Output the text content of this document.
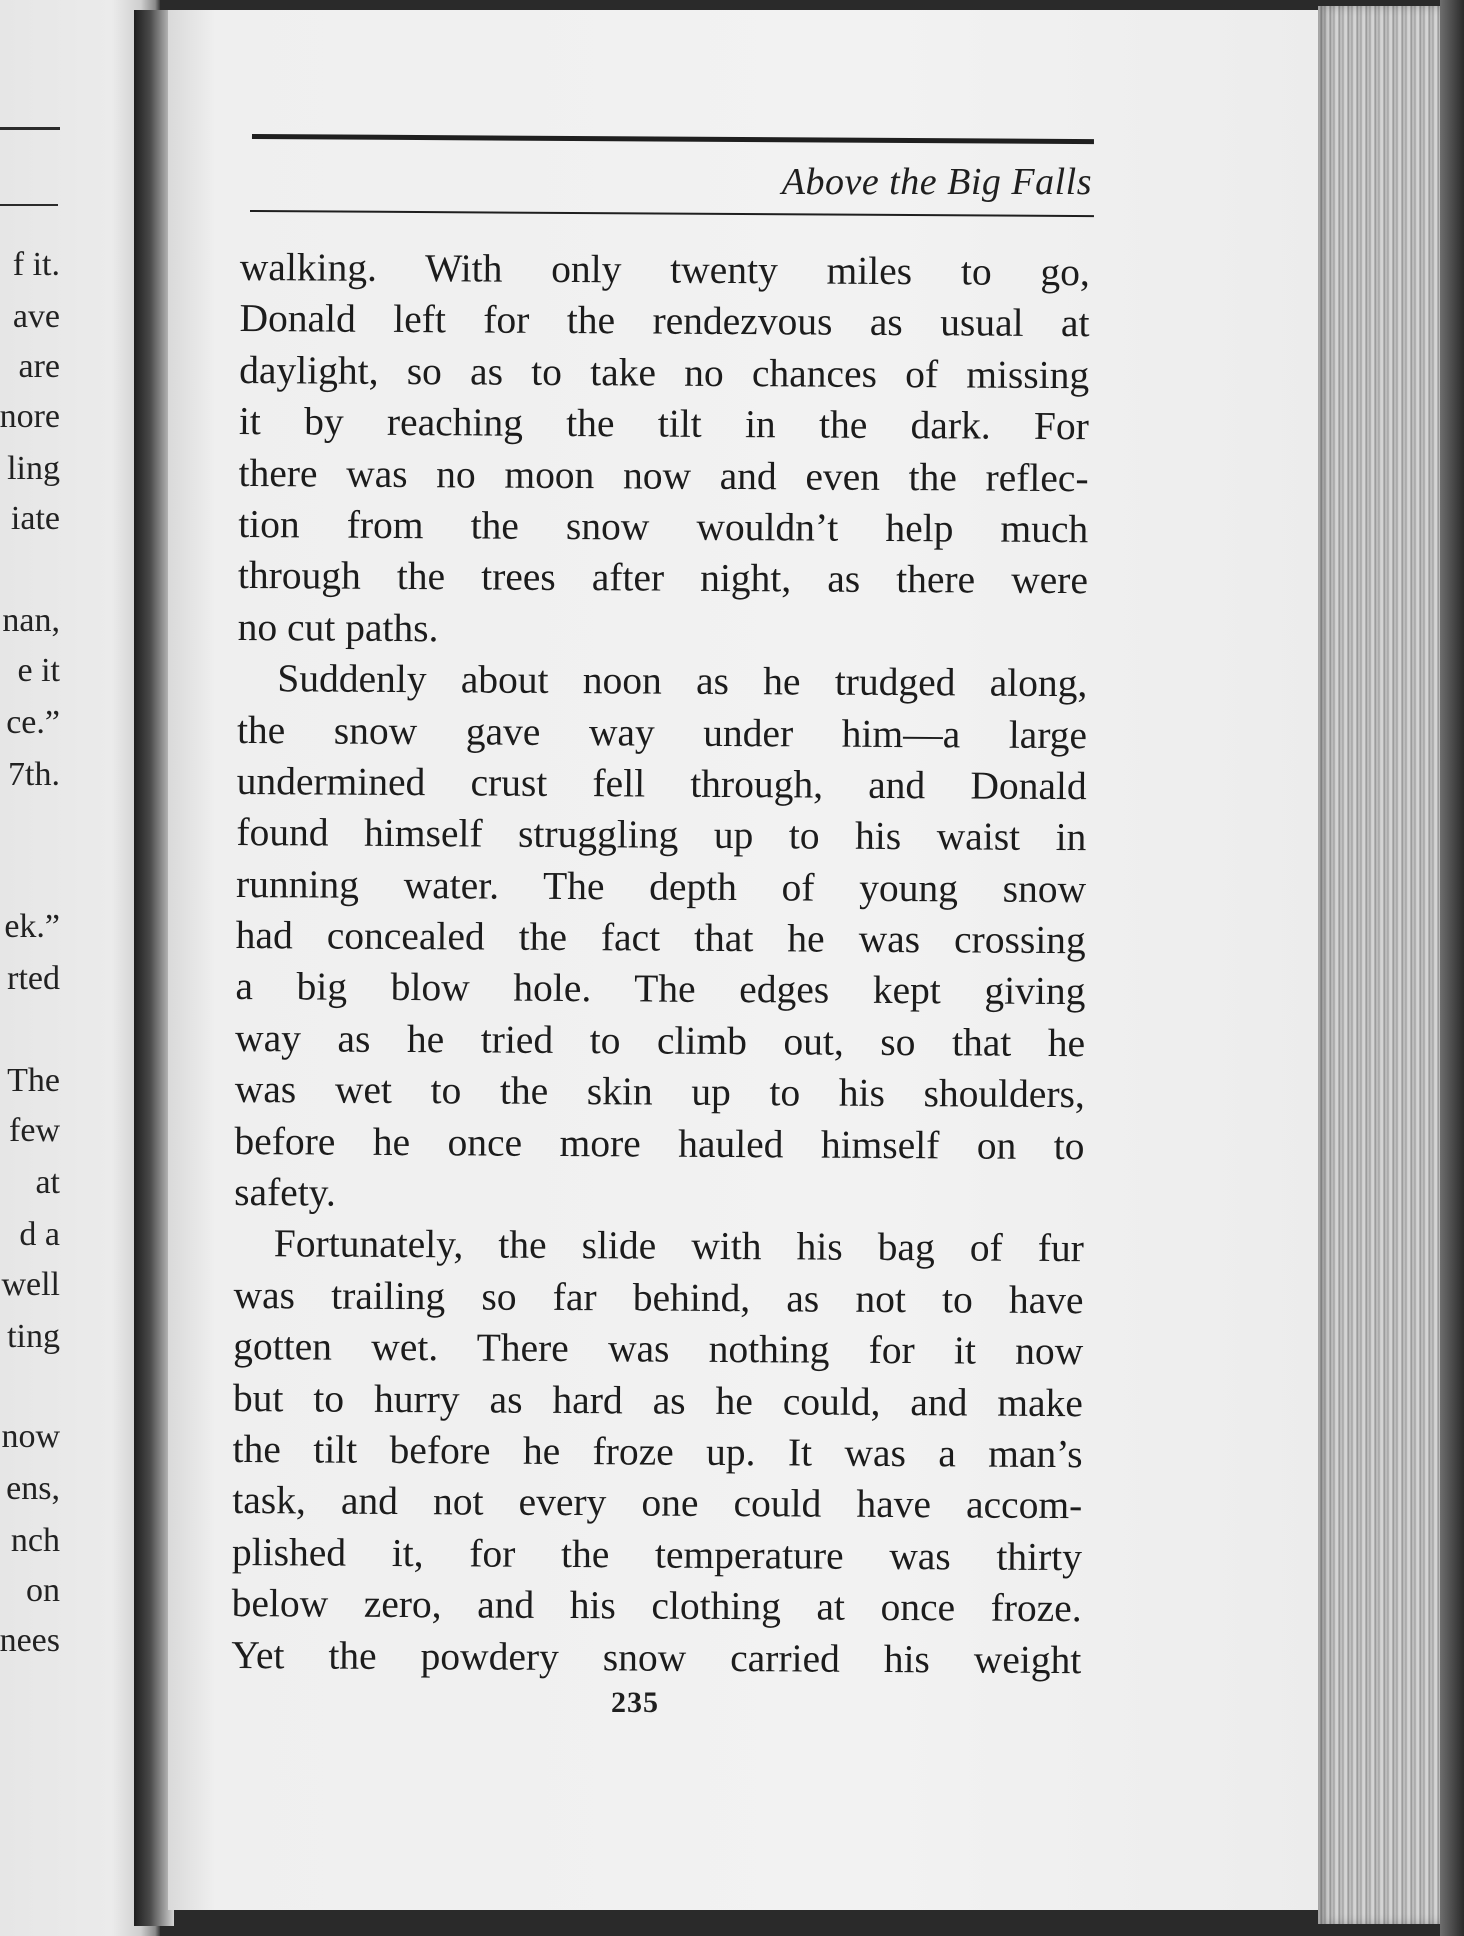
f it.
ave
are
nore
ling
iate
nan,
e it
ce.”
7th.
ek.”
rted
The
few
at
d a
well
ting
now
ens,
nch
on
nees
Above the Big Falls
walking. With only twenty miles to go,
Donald left for the rendezvous as usual at
daylight, so as to take no chances of missing
it by reaching the tilt in the dark. For
there was no moon now and even the reflec-
tion from the snow wouldn’t help much
through the trees after night, as there were
no cut paths.
Suddenly about noon as he trudged along,
the snow gave way under him—a large
undermined crust fell through, and Donald
found himself struggling up to his waist in
running water. The depth of young snow
had concealed the fact that he was crossing
a big blow hole. The edges kept giving
way as he tried to climb out, so that he
was wet to the skin up to his shoulders,
before he once more hauled himself on to
safety.
Fortunately, the slide with his bag of fur
was trailing so far behind, as not to have
gotten wet. There was nothing for it now
but to hurry as hard as he could, and make
the tilt before he froze up. It was a man’s
task, and not every one could have accom-
plished it, for the temperature was thirty
below zero, and his clothing at once froze.
Yet the powdery snow carried his weight
235
